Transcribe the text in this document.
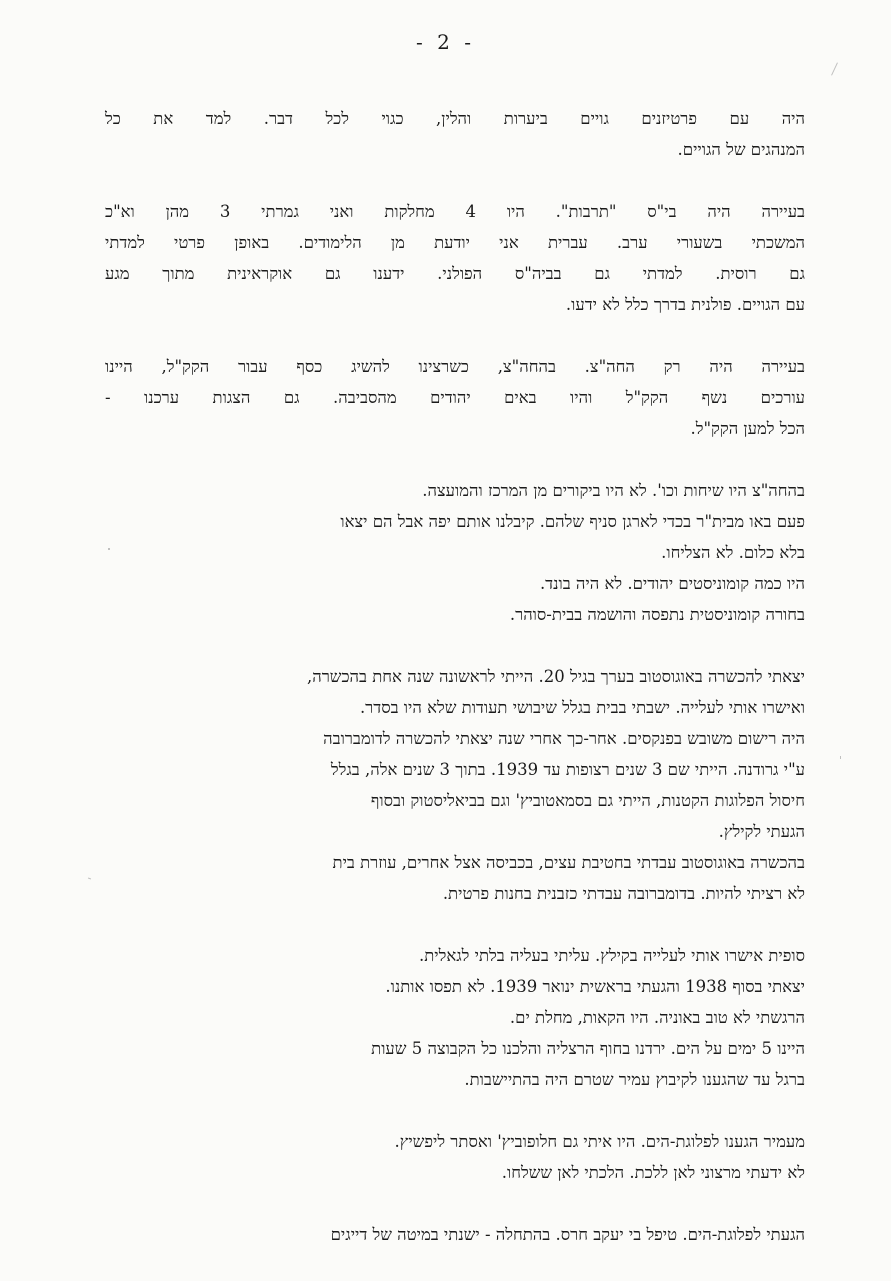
- 2 -
היה עם פרטיזנים גויים ביערות והלין, כגוי לכל דבר. למד את כל
המנהגים של הגויים.
בעיירה היה בי"ס "תרבות". היו 4 מחלקות ואני גמרתי 3 מהן וא"כ
המשכתי בשעורי ערב. עברית אני יודעת מן הלימודים. באופן פרטי למדתי
גם רוסית. למדתי גם בביה"ס הפולני. ידענו גם אוקראינית מתוך מגע
עם הגויים. פולנית בדרך כלל לא ידעו.
בעיירה היה רק החה"צ. בהחה"צ, כשרצינו להשיג כסף עבור הקק"ל, היינו
עורכים נשף הקק"ל והיו באים יהודים מהסביבה. גם הצגות ערכנו -
הכל למען הקק"ל.
בהחה"צ היו שיחות וכו'. לא היו ביקורים מן המרכז והמועצה.
פעם באו מבית"ר בכדי לארגן סניף שלהם. קיבלנו אותם יפה אבל הם יצאו
בלא כלום. לא הצליחו.
היו כמה קומוניסטים יהודים. לא היה בונד.
בחורה קומוניסטית נתפסה והושמה בבית-סוהר.
יצאתי להכשרה באוגוסטוב בערך בגיל 20. הייתי לראשונה שנה אחת בהכשרה,
ואישרו אותי לעלייה. ישבתי בבית בגלל שיבושי תעודות שלא היו בסדר.
היה רישום משובש בפנקסים. אחר-כך אחרי שנה יצאתי להכשרה לדומברובה
ע"י גרודנה. הייתי שם 3 שנים רצופות עד 1939. בתוך 3 שנים אלה, בגלל
חיסול הפלוגות הקטנות, הייתי גם בסמאטוביץ' וגם בביאליסטוק ובסוף
הגעתי לקילץ.
בהכשרה באוגוסטוב עבדתי בחטיבת עצים, בכביסה אצל אחרים, עוזרת בית
לא רציתי להיות. בדומברובה עבדתי כזבנית בחנות פרטית.
סופית אישרו אותי לעלייה בקילץ. עליתי בעליה בלתי לגאלית.
יצאתי בסוף 1938 והגעתי בראשית ינואר 1939. לא תפסו אותנו.
הרגשתי לא טוב באוניה. היו הקאות, מחלת ים.
היינו 5 ימים על הים. ירדנו בחוף הרצליה והלכנו כל הקבוצה 5 שעות
ברגל עד שהגענו לקיבוץ עמיר שטרם היה בהתיישבות.
מעמיר הגענו לפלוגת-הים. היו איתי גם חלופוביץ' ואסתר ליפשיץ.
לא ידעתי מרצוני לאן ללכת. הלכתי לאן ששלחו.
הגעתי לפלוגת-הים. טיפל בי יעקב חרס. בהתחלה - ישנתי במיטה של דייגים
